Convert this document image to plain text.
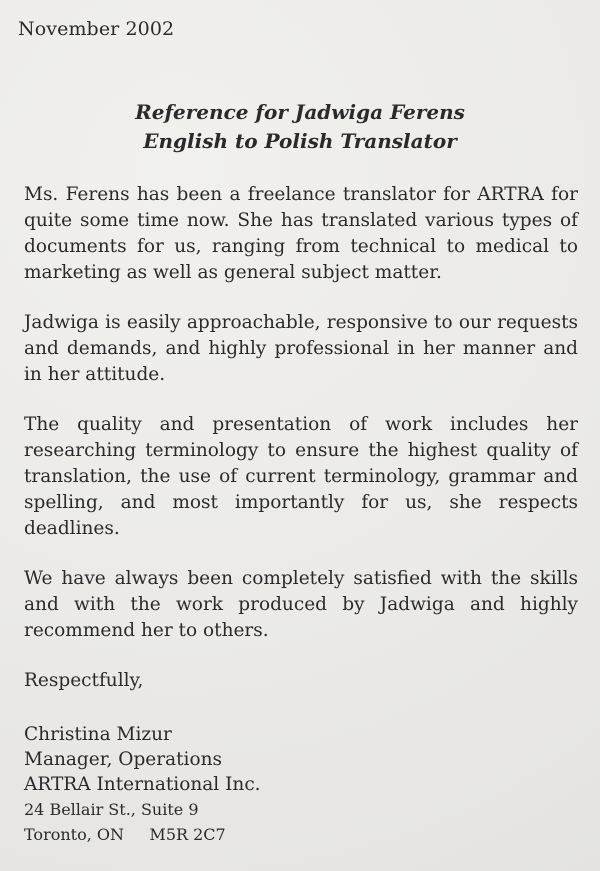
November 2002
Reference for Jadwiga Ferens
English to Polish Translator

Ms. Ferens has been a freelance translator for ARTRA for quite some time now. She has translated various types of documents for us, ranging from technical to medical to marketing as well as general subject matter.

Jadwiga is easily approachable, responsive to our requests and demands, and highly professional in her manner and in her attitude.

The quality and presentation of work includes her researching terminology to ensure the highest quality of translation, the use of current terminology, grammar and spelling, and most importantly for us, she respects deadlines.

We have always been completely satisfied with the skills and with the work produced by Jadwiga and highly recommend her to others.

Respectfully,
Christina Mizur
Manager, Operations
ARTRA International Inc.
24 Bellair St., Suite 9
Toronto, ON     M5R 2C7
